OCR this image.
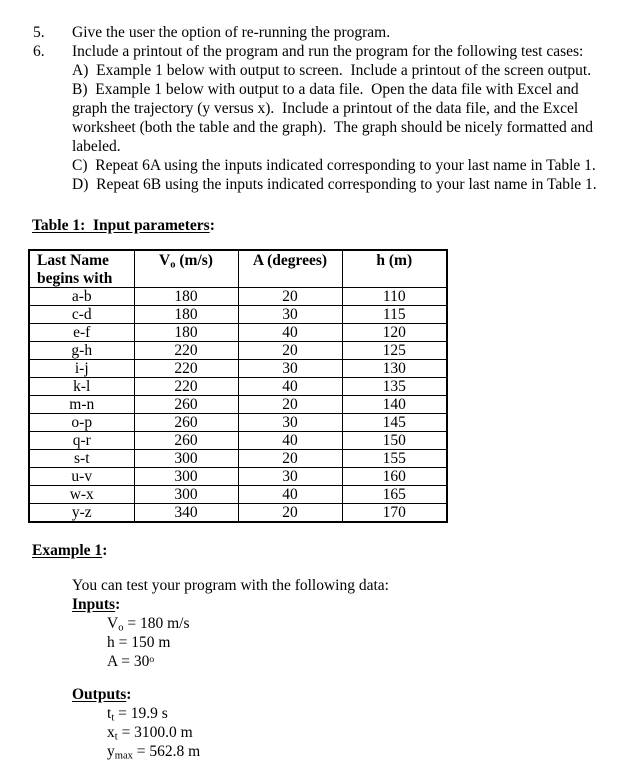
5.	Give the user the option of re-running the program.
6.	Include a printout of the program and run the program for the following test cases:
A)  Example 1 below with output to screen.  Include a printout of the screen output.
B)  Example 1 below with output to a data file.  Open the data file with Excel and graph the trajectory (y versus x).  Include a printout of the data file, and the Excel worksheet (both the table and the graph).  The graph should be nicely formatted and labeled.
C)  Repeat 6A using the inputs indicated corresponding to your last name in Table 1.
D)  Repeat 6B using the inputs indicated corresponding to your last name in Table 1.
Table 1:  Input parameters:
Last Name
begins with	$V_o$ (m/s)	A (degrees)	h (m)
a-b	180	20	110
c-d	180	30	115
e-f	180	40	120
g-h	220	20	125
i-j	220	30	130
k-l	220	40	135
m-n	260	20	140
o-p	260	30	145
q-r	260	40	150
s-t	300	20	155
u-v	300	30	160
w-x	300	40	165
y-z	340	20	170
Example 1:
You can test your program with the following data:
Inputs:
$V_o = 180$ m/s
h = 150 m
$A = 30^o$
Outputs:
$t_t = 19.9$ s
$x_t = 3100.0$ m
$y_{max} = 562.8$ m
